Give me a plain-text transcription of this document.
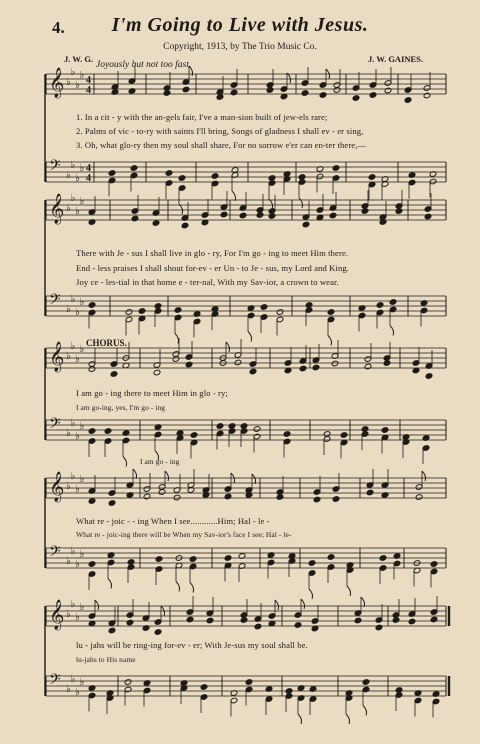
4.	I'm Going to Live with Jesus.
Copyright, 1913, by The Trio Music Co.
J. W. G.	J. W. GAINES.
Joyously but not too fast.
CHORUS.
𝄞 ♭
♭
♭
♭ 4
4
𝄢 ♭
♭
♭
♭ 4
4
𝄞 ♭
♭
♭
♭
𝄢 ♭
♭
♭
♭
𝄞 ♭
♭
♭
♭
𝄢 ♭
♭
♭
♭
𝄞 ♭
♭
♭
♭
𝄢 ♭
♭
♭
♭
𝄞 ♭
♭
♭
♭
𝄢 ♭
♭
♭
♭
1. In a cit - y with the an-gels fair, I've a man-sion built of jew-els rare;
2. Palms of vic - to-ry with saints I'll bring, Songs of gladness I shall ev - er sing,
3. Oh, what glo-ry then my soul shall share, For no sorrow e'er can en-ter there,—
There with Je - sus I shall live in glo - ry, For I'm go - ing to meet Him there.
End - less praises I shall shout for-ev - er Un - to Je - sus, my Lord and King.
Joy ce - les-tial in that home e - ter-nal, With my Sav-ior, a crown to wear.
I am go - ing there to meet Him in glo - ry;
I am go-ing, yes, I'm go - ing
I am go - ing
What re - joic - - ing When I see............Him; Hal - le -
What re - joic-ing there will be When my Sav-ior's face I see; Hal - le-
lu - jahs will be ring-ing for-ev - er; With Je-sus my soul shall be.
lu-jahs to His name
